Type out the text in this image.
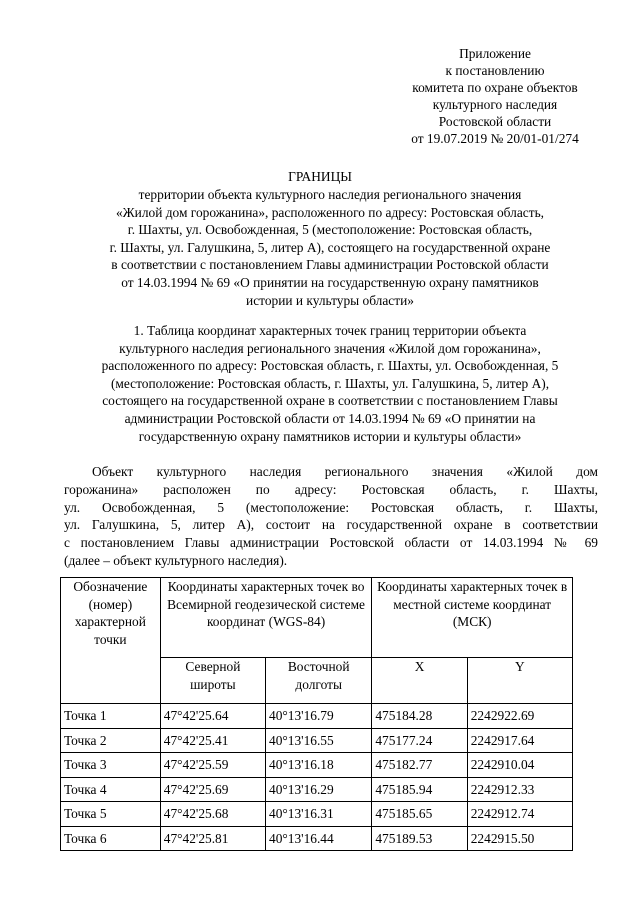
Приложение
к постановлению
комитета по охране объектов
культурного наследия
Ростовской области
от 19.07.2019 № 20/01-01/274
ГРАНИЦЫ
территории объекта культурного наследия регионального значения
«Жилой дом горожанина», расположенного по адресу: Ростовская область,
г. Шахты, ул. Освобожденная, 5 (местоположение: Ростовская область,
г. Шахты, ул. Галушкина, 5, литер А), состоящего на государственной охране
в соответствии с постановлением Главы администрации Ростовской области
от 14.03.1994 № 69 «О принятии на государственную охрану памятников
истории и культуры области»
1. Таблица координат характерных точек границ территории объекта
культурного наследия регионального значения «Жилой дом горожанина»,
расположенного по адресу: Ростовская область, г. Шахты, ул. Освобожденная, 5
(местоположение: Ростовская область, г. Шахты, ул. Галушкина, 5, литер А),
состоящего на государственной охране в соответствии с постановлением Главы
администрации Ростовской области от 14.03.1994 № 69 «О принятии на
государственную охрану памятников истории и культуры области»
Объект культурного наследия регионального значения «Жилой дом
горожанина» расположен по адресу: Ростовская область, г. Шахты,
ул. Освобожденная, 5 (местоположение: Ростовская область, г. Шахты,
ул. Галушкина, 5, литер А), состоит на государственной охране в соответствии
с постановлением Главы администрации Ростовской области от 14.03.1994 № 69
(далее – объект культурного наследия).
Обозначение (номер) характерной точки	Координаты характерных точек во Всемирной геодезической системе координат (WGS-84)		Координаты характерных точек в местной системе координат (МСК)	
	Северной широты	Восточной долготы	X	Y
Точка 1	47°42'25.64	40°13'16.79	475184.28	2242922.69
Точка 2	47°42'25.41	40°13'16.55	475177.24	2242917.64
Точка 3	47°42'25.59	40°13'16.18	475182.77	2242910.04
Точка 4	47°42'25.69	40°13'16.29	475185.94	2242912.33
Точка 5	47°42'25.68	40°13'16.31	475185.65	2242912.74
Точка 6	47°42'25.81	40°13'16.44	475189.53	2242915.50
